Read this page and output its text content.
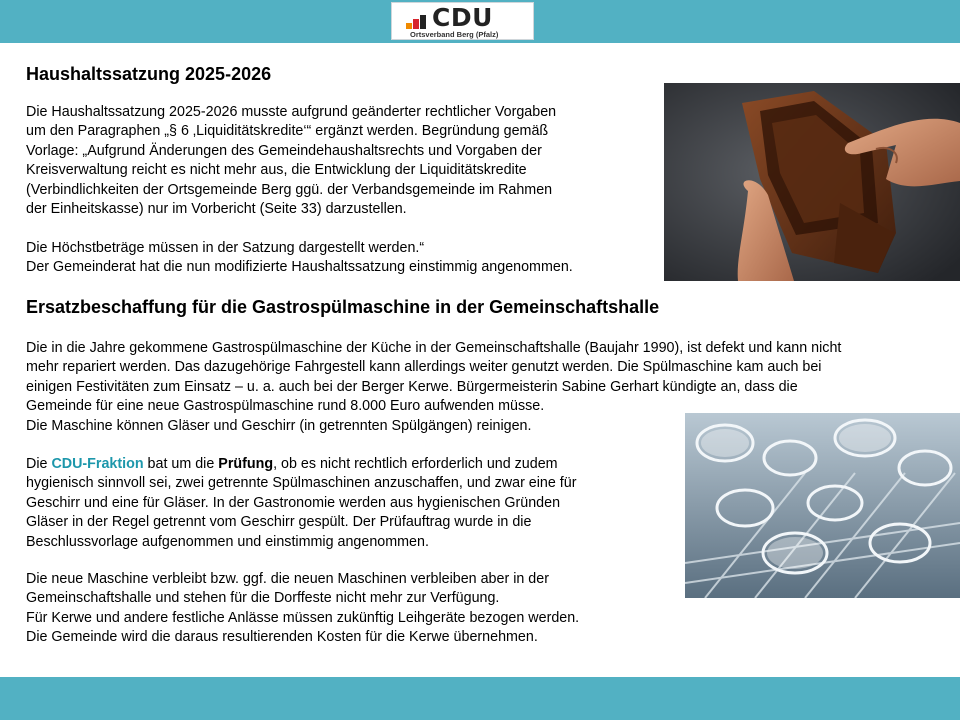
CDU
Ortsverband Berg (Pfalz)
Haushaltssatzung 2025-2026
Die Haushaltssatzung 2025-2026 musste aufgrund geänderter rechtlicher Vorgaben
um den Paragraphen „§ 6 ‚Liquiditätskredite‘“ ergänzt werden. Begründung gemäß
Vorlage: „Aufgrund Änderungen des Gemeindehaushaltsrechts und Vorgaben der
Kreisverwaltung reicht es nicht mehr aus, die Entwicklung der Liquiditätskredite
(Verbindlichkeiten der Ortsgemeinde Berg ggü. der Verbandsgemeinde im Rahmen
der Einheitskasse) nur im Vorbericht (Seite 33) darzustellen.
Die Höchstbeträge müssen in der Satzung dargestellt werden.“
Der Gemeinderat hat die nun modifizierte Haushaltssatzung einstimmig angenommen.
Ersatzbeschaffung für die Gastrospülmaschine in der Gemeinschaftshalle
Die in die Jahre gekommene Gastrospülmaschine der Küche in der Gemeinschaftshalle (Baujahr 1990), ist defekt und kann nicht
mehr repariert werden. Das dazugehörige Fahrgestell kann allerdings weiter genutzt werden. Die Spülmaschine kam auch bei
einigen Festivitäten zum Einsatz – u. a. auch bei der Berger Kerwe. Bürgermeisterin Sabine Gerhart kündigte an, dass die
Gemeinde für eine neue Gastrospülmaschine rund 8.000 Euro aufwenden müsse.
Die Maschine können Gläser und Geschirr (in getrennten Spülgängen) reinigen.
Die CDU-Fraktion bat um die Prüfung, ob es nicht rechtlich erforderlich und zudem
hygienisch sinnvoll sei, zwei getrennte Spülmaschinen anzuschaffen, und zwar eine für
Geschirr und eine für Gläser. In der Gastronomie werden aus hygienischen Gründen
Gläser in der Regel getrennt vom Geschirr gespült. Der Prüfauftrag wurde in die
Beschlussvorlage aufgenommen und einstimmig angenommen.
Die neue Maschine verbleibt bzw. ggf. die neuen Maschinen verbleiben aber in der
Gemeinschaftshalle und stehen für die Dorffeste nicht mehr zur Verfügung.
Für Kerwe und andere festliche Anlässe müssen zukünftig Leihgeräte bezogen werden.
Die Gemeinde wird die daraus resultierenden Kosten für die Kerwe übernehmen.
